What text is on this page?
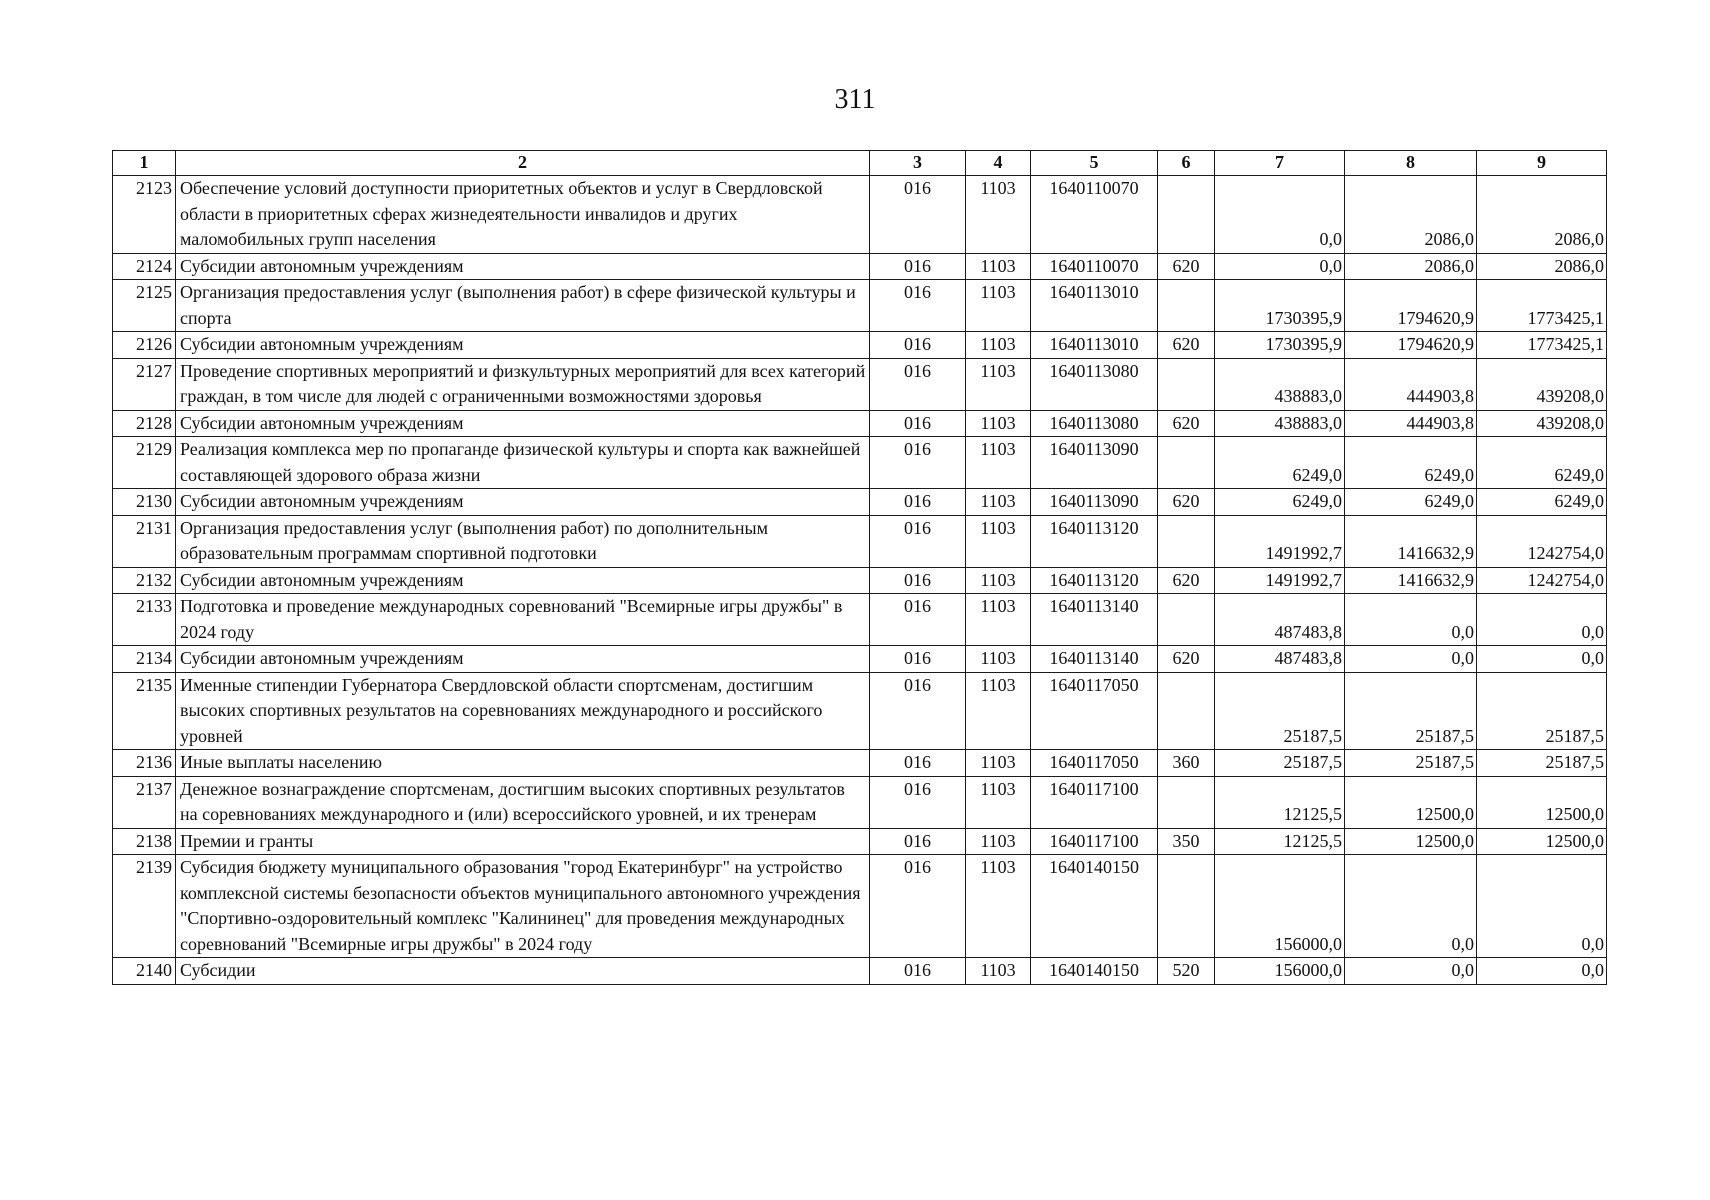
311
1	2	3	4	5	6	7	8	9
2123	Обеспечение условий доступности приоритетных объектов и услуг в Свердловской области в приоритетных сферах жизнедеятельности инвалидов и других маломобильных групп населения	016	1103	1640110070		0,0	2086,0	2086,0
2124	Субсидии автономным учреждениям	016	1103	1640110070	620	0,0	2086,0	2086,0
2125	Организация предоставления услуг (выполнения работ) в сфере физической культуры и спорта	016	1103	1640113010		1730395,9	1794620,9	1773425,1
2126	Субсидии автономным учреждениям	016	1103	1640113010	620	1730395,9	1794620,9	1773425,1
2127	Проведение спортивных мероприятий и физкультурных мероприятий для всех категорий граждан, в том числе для людей с ограниченными возможностями здоровья	016	1103	1640113080		438883,0	444903,8	439208,0
2128	Субсидии автономным учреждениям	016	1103	1640113080	620	438883,0	444903,8	439208,0
2129	Реализация комплекса мер по пропаганде физической культуры и спорта как важнейшей составляющей здорового образа жизни	016	1103	1640113090		6249,0	6249,0	6249,0
2130	Субсидии автономным учреждениям	016	1103	1640113090	620	6249,0	6249,0	6249,0
2131	Организация предоставления услуг (выполнения работ) по дополнительным образовательным программам спортивной подготовки	016	1103	1640113120		1491992,7	1416632,9	1242754,0
2132	Субсидии автономным учреждениям	016	1103	1640113120	620	1491992,7	1416632,9	1242754,0
2133	Подготовка и проведение международных соревнований "Всемирные игры дружбы" в 2024 году	016	1103	1640113140		487483,8	0,0	0,0
2134	Субсидии автономным учреждениям	016	1103	1640113140	620	487483,8	0,0	0,0
2135	Именные стипендии Губернатора Свердловской области спортсменам, достигшим высоких спортивных результатов на соревнованиях международного и российского уровней	016	1103	1640117050		25187,5	25187,5	25187,5
2136	Иные выплаты населению	016	1103	1640117050	360	25187,5	25187,5	25187,5
2137	Денежное вознаграждение спортсменам, достигшим высоких спортивных результатов на соревнованиях международного и (или) всероссийского уровней, и их тренерам	016	1103	1640117100		12125,5	12500,0	12500,0
2138	Премии и гранты	016	1103	1640117100	350	12125,5	12500,0	12500,0
2139	Субсидия бюджету муниципального образования "город Екатеринбург" на устройство комплексной системы безопасности объектов муниципального автономного учреждения "Спортивно-оздоровительный комплекс "Калининец" для проведения международных соревнований "Всемирные игры дружбы" в 2024 году	016	1103	1640140150		156000,0	0,0	0,0
2140	Субсидии	016	1103	1640140150	520	156000,0	0,0	0,0
